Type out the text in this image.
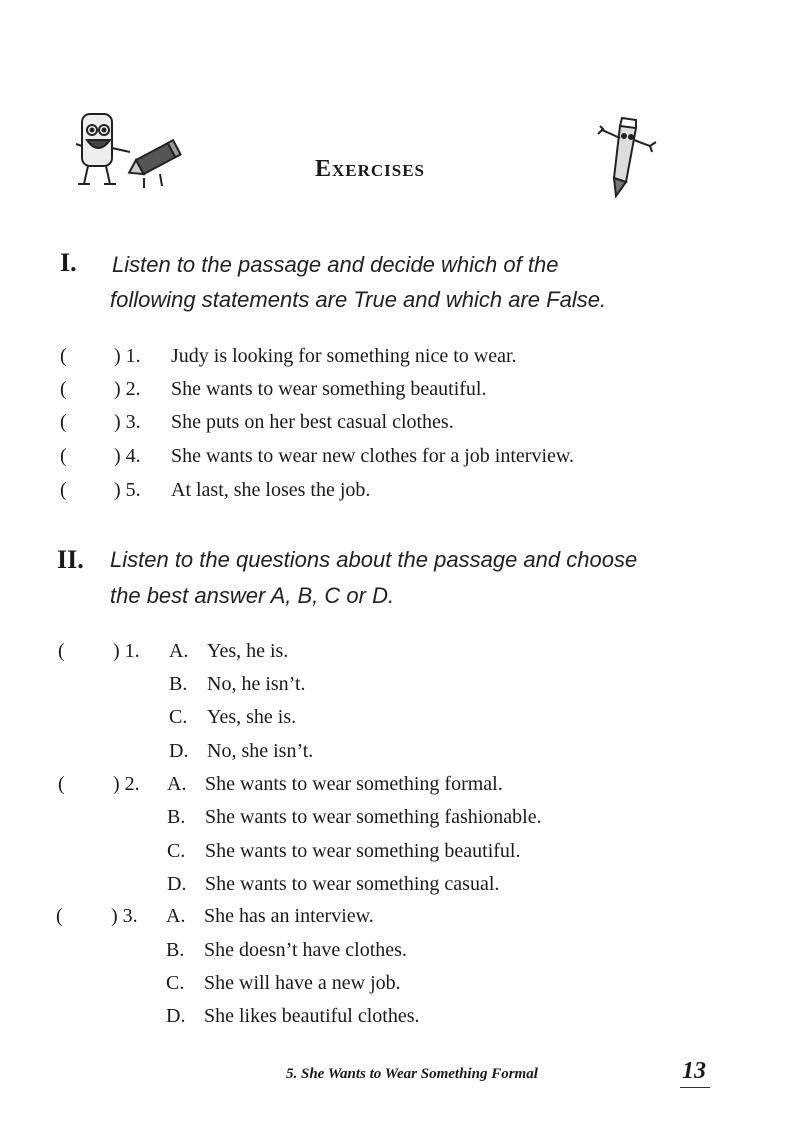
Exercises
I. Listen to the passage and decide which of the
following statements are True and which are False.
( ) 1. Judy is looking for something nice to wear.
( ) 2. She wants to wear something beautiful.
( ) 3. She puts on her best casual clothes.
( ) 4. She wants to wear new clothes for a job interview.
( ) 5. At last, she loses the job.
II. Listen to the questions about the passage and choose
the best answer A, B, C or D.
( ) 1. A. Yes, he is.
B. No, he isn’t.
C. Yes, she is.
D. No, she isn’t.
( ) 2. A. She wants to wear something formal.
B. She wants to wear something fashionable.
C. She wants to wear something beautiful.
D. She wants to wear something casual.
( ) 3. A. She has an interview.
B. She doesn’t have clothes.
C. She will have a new job.
D. She likes beautiful clothes.
5. She Wants to Wear Something Formal	13
